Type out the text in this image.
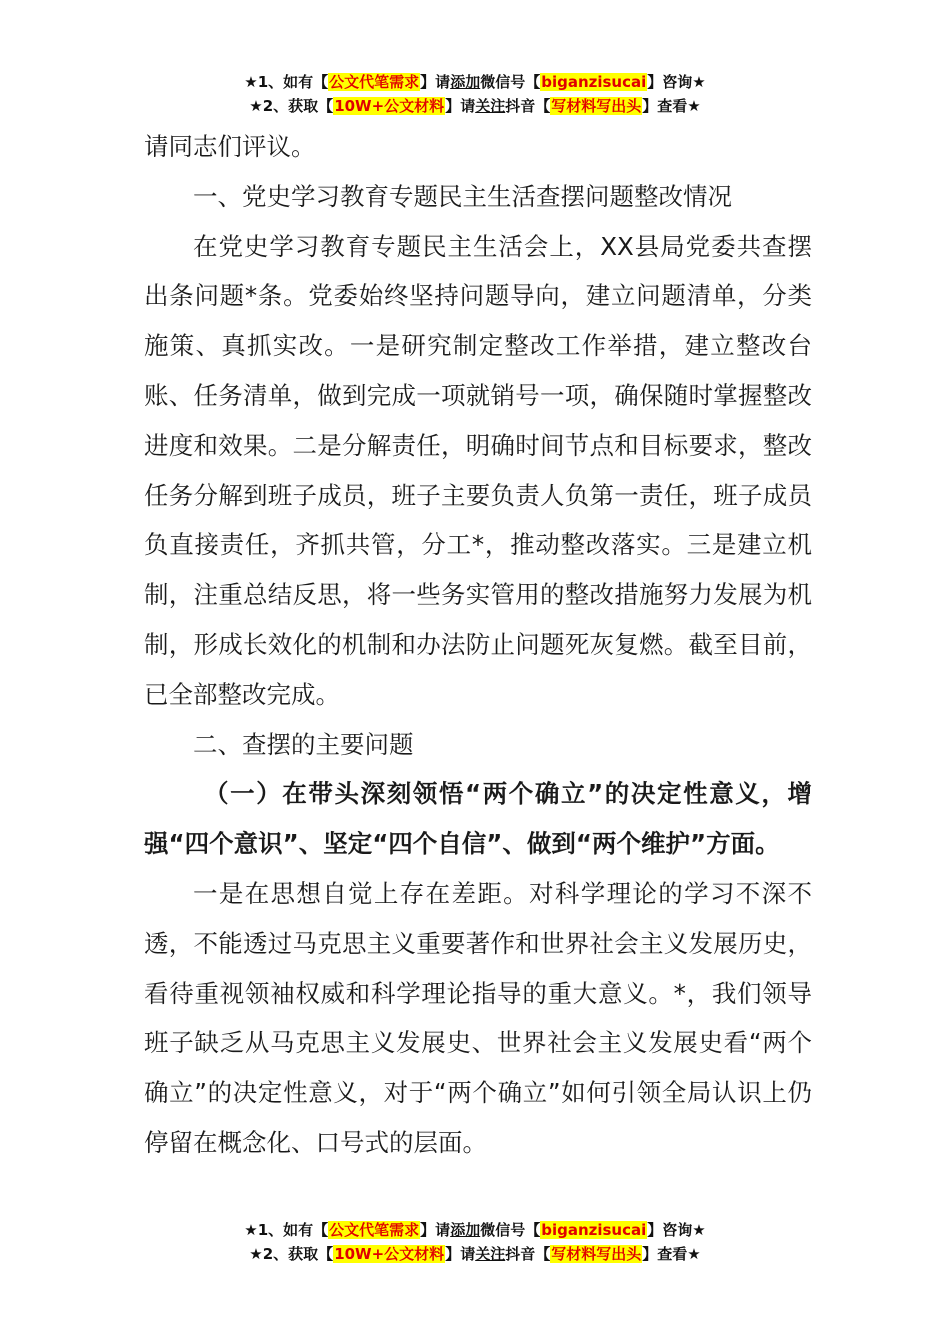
★1、如有【公文代笔需求】请添加微信号【biganzisucai】咨询★
★2、获取【10W+公文材料】请关注抖音【写材料写出头】查看★

请同志们评议。

一、党史学习教育专题民主生活查摆问题整改情况

在党史学习教育专题民主生活会上，XX县局党委共查摆出条问题*条。党委始终坚持问题导向，建立问题清单，分类施策、真抓实改。一是研究制定整改工作举措，建立整改台账、任务清单，做到完成一项就销号一项，确保随时掌握整改进度和效果。二是分解责任，明确时间节点和目标要求，整改任务分解到班子成员，班子主要负责人负第一责任，班子成员负直接责任，齐抓共管，分工*，推动整改落实。三是建立机制，注重总结反思，将一些务实管用的整改措施努力发展为机制，形成长效化的机制和办法防止问题死灰复燃。截至目前，已全部整改完成。

二、查摆的主要问题

（一）在带头深刻领悟“两个确立”的决定性意义，增强“四个意识”、坚定“四个自信”、做到“两个维护”方面。

一是在思想自觉上存在差距。对科学理论的学习不深不透，不能透过马克思主义重要著作和世界社会主义发展历史，看待重视领袖权威和科学理论指导的重大意义。*，我们领导班子缺乏从马克思主义发展史、世界社会主义发展史看“两个确立”的决定性意义，对于“两个确立”如何引领全局认识上仍停留在概念化、口号式的层面。

★1、如有【公文代笔需求】请添加微信号【biganzisucai】咨询★
★2、获取【10W+公文材料】请关注抖音【写材料写出头】查看★
